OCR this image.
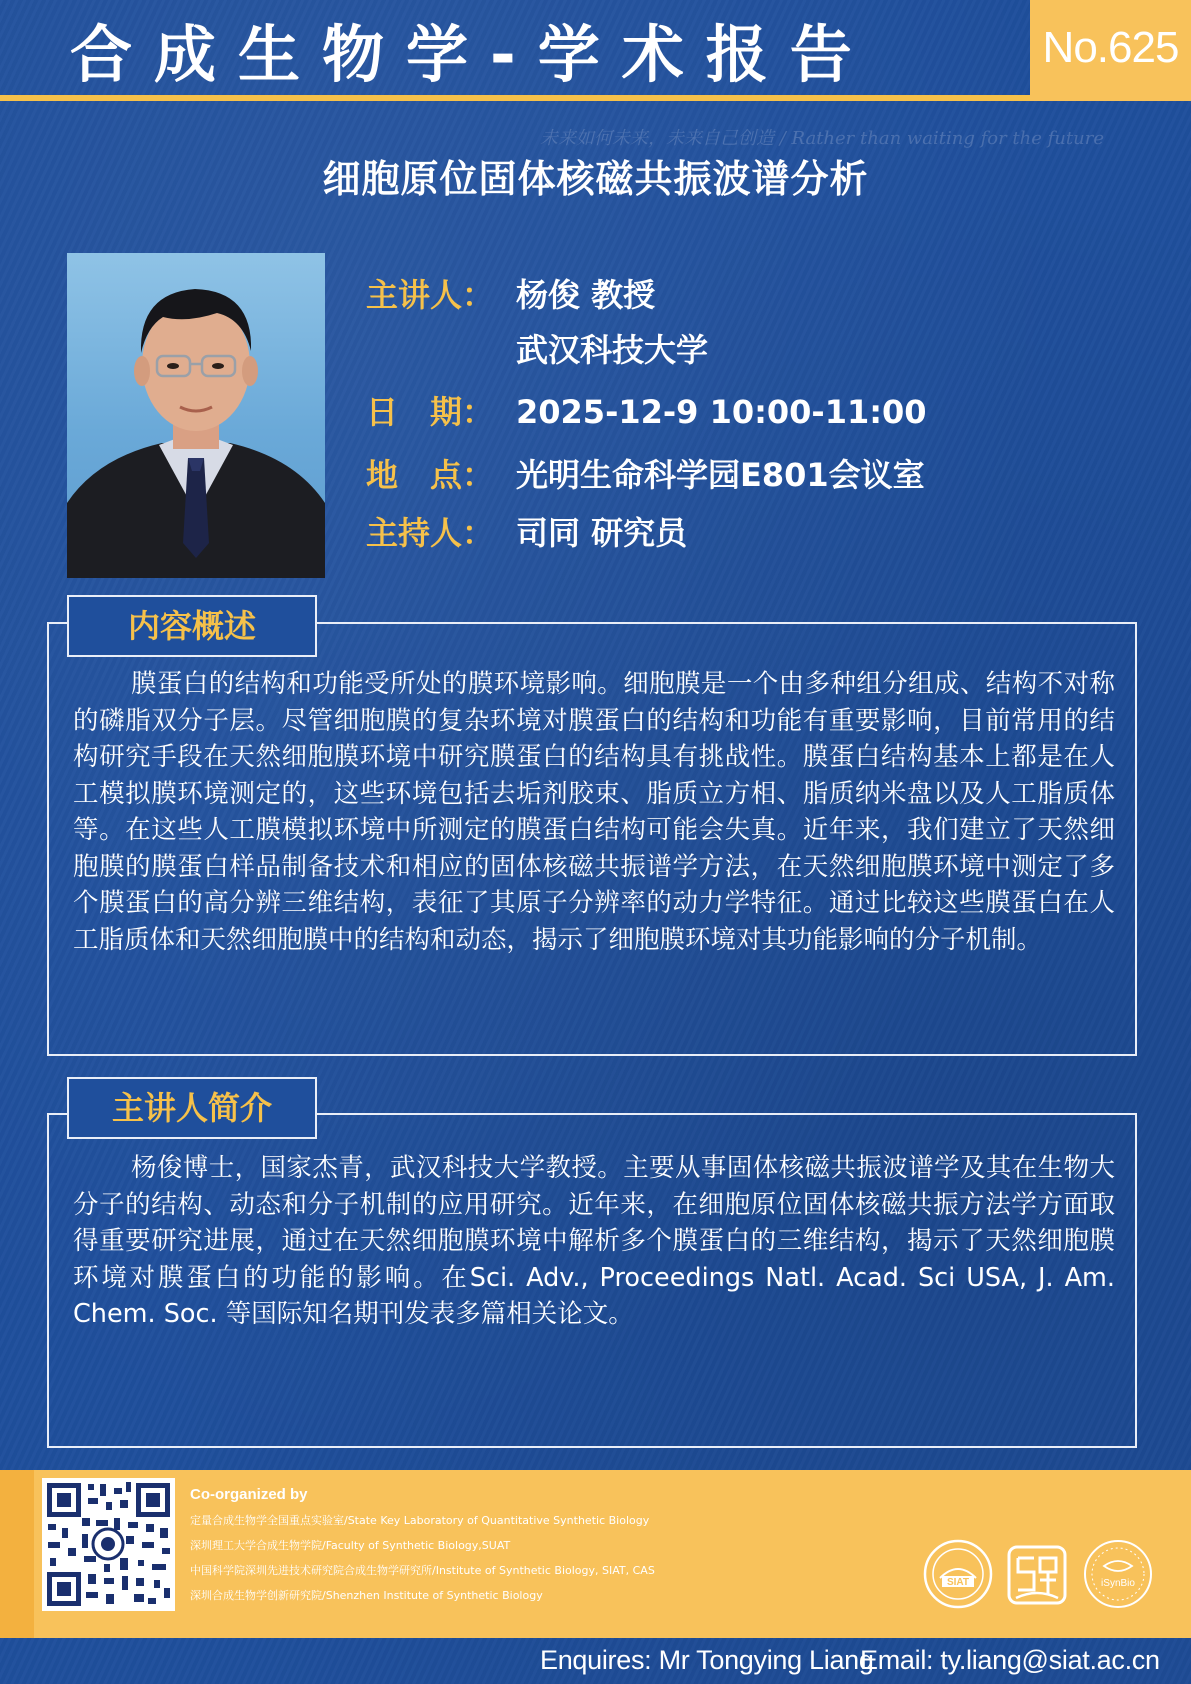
合成生物学-学术报告	No.625
未来如何未来，未来自己创造 / Rather than waiting for the future
细胞原位固体核磁共振波谱分析
主讲人： 杨俊 教授
武汉科技大学
日　期： 2025-12-9 10:00-11:00
地　点： 光明生命科学园E801会议室
主持人： 司同 研究员
内容概述
膜蛋白的结构和功能受所处的膜环境影响。细胞膜是一个由多种组分组成、结构不对称的磷脂双分子层。尽管细胞膜的复杂环境对膜蛋白的结构和功能有重要影响，目前常用的结构研究手段在天然细胞膜环境中研究膜蛋白的结构具有挑战性。膜蛋白结构基本上都是在人工模拟膜环境测定的，这些环境包括去垢剂胶束、脂质立方相、脂质纳米盘以及人工脂质体等。在这些人工膜模拟环境中所测定的膜蛋白结构可能会失真。近年来，我们建立了天然细胞膜的膜蛋白样品制备技术和相应的固体核磁共振谱学方法，在天然细胞膜环境中测定了多个膜蛋白的高分辨三维结构，表征了其原子分辨率的动力学特征。通过比较这些膜蛋白在人工脂质体和天然细胞膜中的结构和动态，揭示了细胞膜环境对其功能影响的分子机制。
主讲人简介
杨俊博士，国家杰青，武汉科技大学教授。主要从事固体核磁共振波谱学及其在生物大分子的结构、动态和分子机制的应用研究。近年来，在细胞原位固体核磁共振方法学方面取得重要研究进展，通过在天然细胞膜环境中解析多个膜蛋白的三维结构，揭示了天然细胞膜环境对膜蛋白的功能的影响。在Sci. Adv., Proceedings Natl. Acad. Sci USA, J. Am. Chem. Soc. 等国际知名期刊发表多篇相关论文。
Co-organized by
定量合成生物学全国重点实验室/State Key Laboratory of Quantitative Synthetic Biology
深圳理工大学合成生物学院/Faculty of Synthetic Biology,SUAT
中国科学院深圳先进技术研究院合成生物学研究所/Institute of Synthetic Biology, SIAT, CAS
深圳合成生物学创新研究院/Shenzhen Institute of Synthetic Biology
SIAT	iSynBio
Enquires: Mr Tongying Liang
Email: ty.liang@siat.ac.cn
